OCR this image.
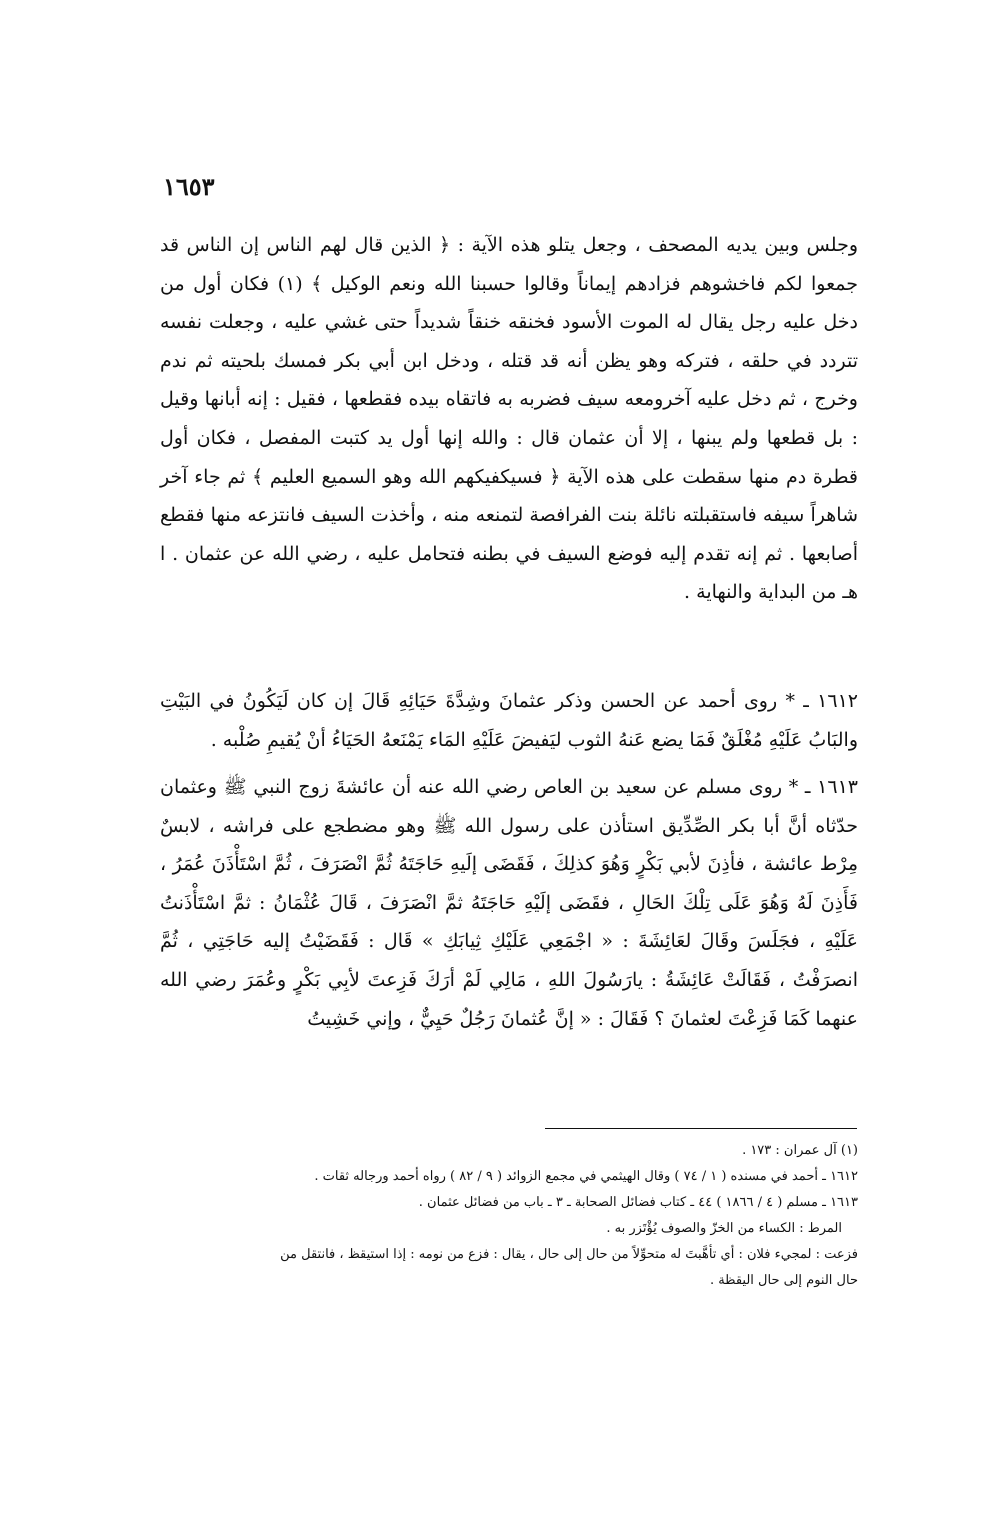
١٦٥٣

وجلس وبين يديه المصحف ، وجعل يتلو هذه الآية : ﴿ الذين قال لهم الناس إن الناس قد جمعوا لكم فاخشوهم فزادهم إيماناً وقالوا حسبنا الله ونعم الوكيل ﴾ (١) فكان أول من دخل عليه رجل يقال له الموت الأسود فخنقه خنقاً شديداً حتى غشي عليه ، وجعلت نفسه تتردد في حلقه ، فتركه وهو يظن أنه قد قتله ، ودخل ابن أبي بكر فمسك بلحيته ثم ندم وخرج ، ثم دخل عليه آخرومعه سيف فضربه به فاتقاه بيده فقطعها ، فقيل : إنه أبانها وقيل : بل قطعها ولم يبنها ، إلا أن عثمان قال : والله إنها أول يد كتبت المفصل ، فكان أول قطرة دم منها سقطت على هذه الآية ﴿ فسيكفيكهم الله وهو السميع العليم ﴾ ثم جاء آخر شاهراً سيفه فاستقبلته نائلة بنت الفرافصة لتمنعه منه ، وأخذت السيف فانتزعه منها فقطع أصابعها . ثم إنه تقدم إليه فوضع السيف في بطنه فتحامل عليه ، رضي الله عن عثمان . ا هـ من البداية والنهاية .

١٦١٢ ـ * روى أحمد عن الحسن وذكر عثمانَ وشِدَّةَ حَيَائِهِ قَالَ إن كان لَيَكُونُ في البَيْتِ والبَابُ عَلَيْهِ مُغْلَقٌ فَمَا يضع عَنهُ الثوب ليَفيضَ عَلَيْهِ المَاء يَمْنَعهُ الحَيَاءُ أنْ يُقيمِ صُلْبه .

١٦١٣ ـ * روى مسلم عن سعيد بن العاص رضي الله عنه أن عائشةَ زوج النبي ﷺ وعثمان حدّثاه أنَّ أبا بكر الصِّدِّيق استأذن على رسول الله ﷺ وهو مضطجع على فراشه ، لابسٌ مِرْط عائشة ، فأذِنَ لأبي بَكْرٍ وَهُوَ كذلِكَ ، فَقَضَى إلَيهِ حَاجَتَهُ ثُمَّ انْصَرَفَ ، ثُمَّ اسْتَأْذَنَ عُمَرُ ، فَأَذِنَ لَهُ وَهُوَ عَلَى تِلْكَ الحَالِ ، فقَضَى إلَيْهِ حَاجَتَهُ ثمَّ انْصَرَفَ ، قَالَ عُثْمَانُ : ثمَّ اسْتَأْذَنتُ عَلَيْهِ ، فجَلَسَ وقَالَ لعَائِشَةَ : « اجْمَعِي عَلَيْكِ ثِيابَكِ » قَال : فَقَضَيْتُ إليه حَاجَتِي ، ثُمَّ انصرَفْتُ ، فَقَالَتْ عَائِشَةُ : يارَسُولَ اللهِ ، مَالِي لَمْ أرَكَ فَزِعتَ لأبِي بَكْرٍ وعُمَرَ رضي الله عنهما كَمَا فَزِعْتَ لعثمانَ ؟ فَقَالَ : « إنَّ عُثمانَ رَجُلٌ حَيِيٌّ ، وإني خَشِيتُ

(١) آل عمران : ١٧٣ .
١٦١٢ ـ أحمد في مسنده ( ١ / ٧٤ ) وقال الهيثمي في مجمع الزوائد ( ٩ / ٨٢ ) رواه أحمد ورجاله ثقات .
١٦١٣ ـ مسلم ( ٤ / ١٨٦٦ ) ٤٤ ـ كتاب فضائل الصحابة ـ ٣ ـ باب من فضائل عثمان .
المرط : الكساء من الخزّ والصوف يُؤْتَزر به .
فزعت : لمجيء فلان : أي تأهَّبتَ له متحوِّلاً من حال إلى حال ، يقال : فزع من نومه : إذا استيقظ ، فانتقل من
حال النوم إلى حال اليقظة .
